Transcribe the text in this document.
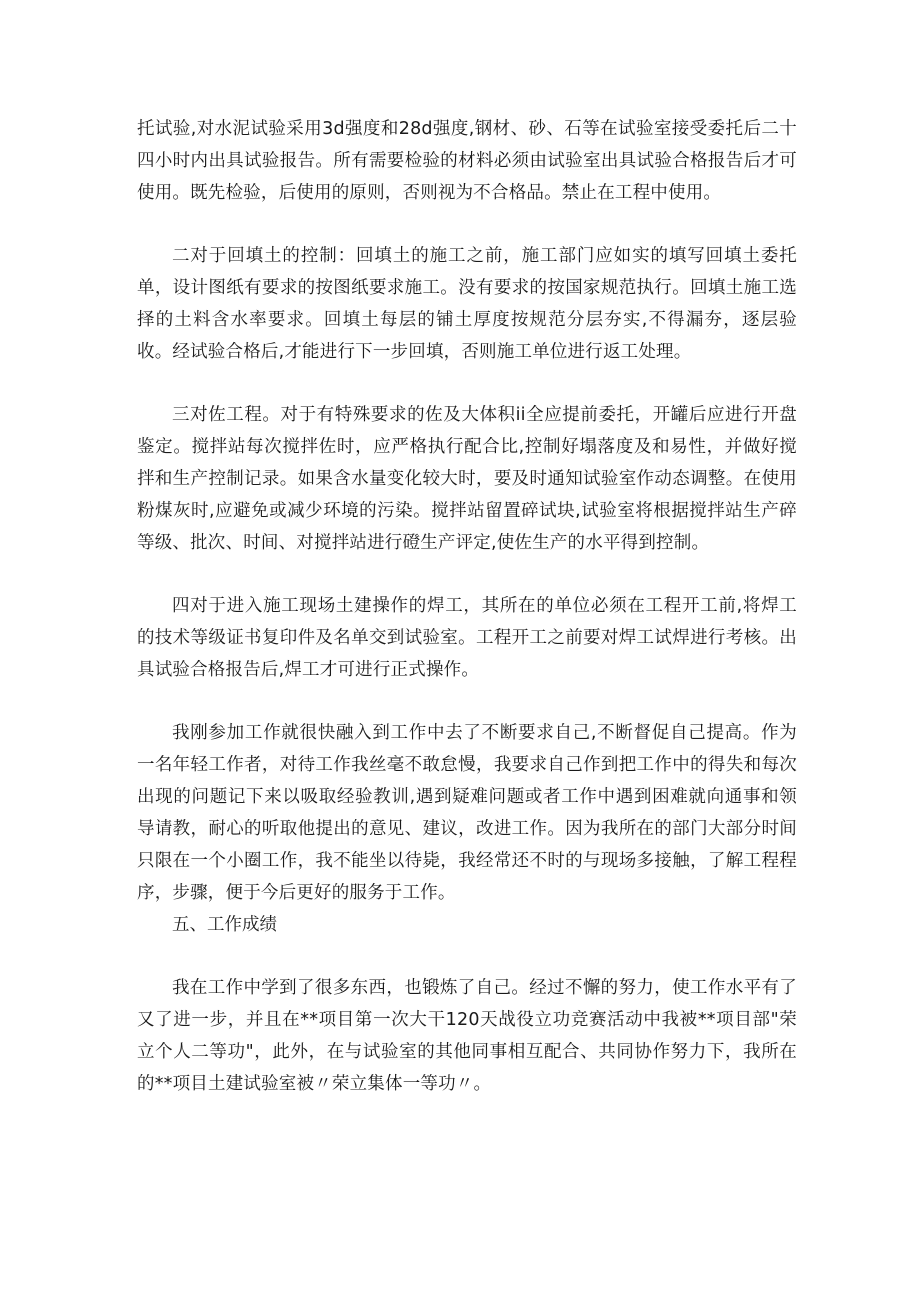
托试验,对水泥试验采用3d强度和28d强度,钢材、砂、石等在试验室接受委托后二十四小时内出具试验报告。所有需要检验的材料必须由试验室出具试验合格报告后才可使用。既先检验，后使用的原则，否则视为不合格品。禁止在工程中使用。

二对于回填土的控制：回填土的施工之前，施工部门应如实的填写回填土委托单，设计图纸有要求的按图纸要求施工。没有要求的按国家规范执行。回填土施工选择的土料含水率要求。回填土每层的铺土厚度按规范分层夯实,不得漏夯，逐层验收。经试验合格后,才能进行下一步回填，否则施工单位进行返工处理。

三对佐工程。对于有特殊要求的佐及大体积ii全应提前委托，开罐后应进行开盘鉴定。搅拌站每次搅拌佐时，应严格执行配合比,控制好塌落度及和易性，并做好搅拌和生产控制记录。如果含水量变化较大时，要及时通知试验室作动态调整。在使用粉煤灰时,应避免或减少环境的污染。搅拌站留置碎试块,试验室将根据搅拌站生产碎等级、批次、时间、对搅拌站进行磴生产评定,使佐生产的水平得到控制。

四对于进入施工现场土建操作的焊工，其所在的单位必须在工程开工前,将焊工的技术等级证书复印件及名单交到试验室。工程开工之前要对焊工试焊进行考核。出具试验合格报告后,焊工才可进行正式操作。

我刚参加工作就很快融入到工作中去了不断要求自己,不断督促自己提高。作为一名年轻工作者，对待工作我丝毫不敢怠慢，我要求自己作到把工作中的得失和每次出现的问题记下来以吸取经验教训,遇到疑难问题或者工作中遇到困难就向通事和领导请教，耐心的听取他提出的意见、建议，改进工作。因为我所在的部门大部分时间只限在一个小圈工作，我不能坐以待毙，我经常还不时的与现场多接触，了解工程程序，步骤，便于今后更好的服务于工作。

五、工作成绩

我在工作中学到了很多东西，也锻炼了自己。经过不懈的努力，使工作水平有了又了进一步，并且在**项目第一次大干120天战役立功竞赛活动中我被**项目部"荣立个人二等功"，此外，在与试验室的其他同事相互配合、共同协作努力下，我所在的**项目土建试验室被〃荣立集体一等功〃。
